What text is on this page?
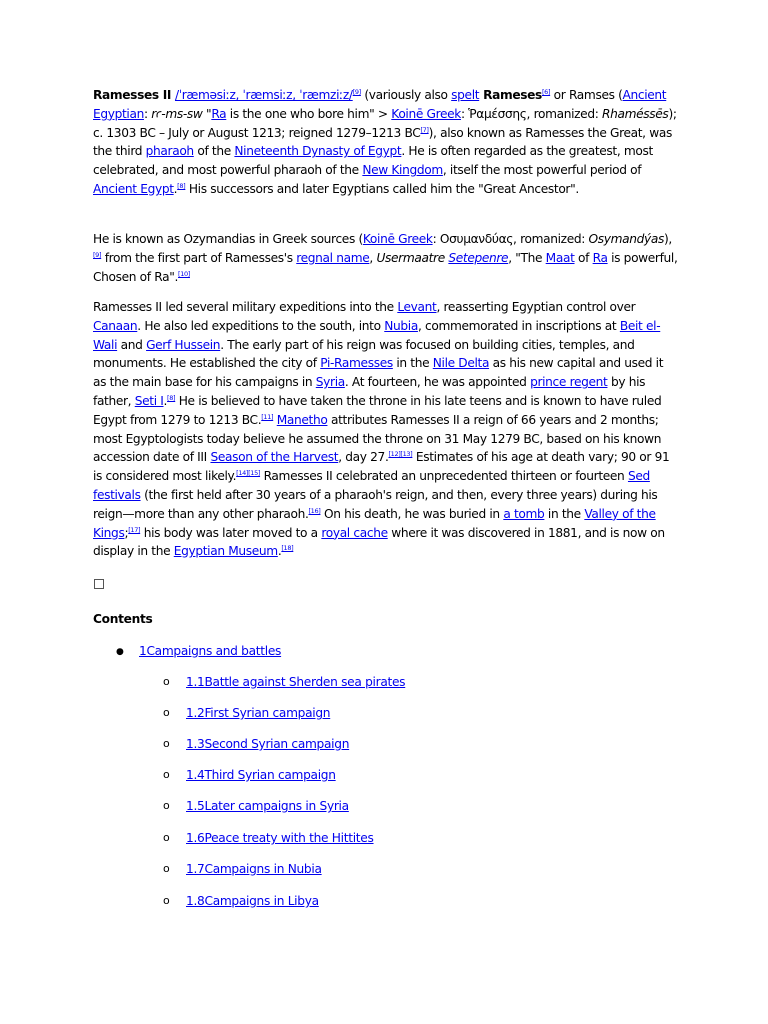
Ramesses II /ˈræməsiːz, ˈræmsiːz, ˈræmziːz/[9] (variously also spelt Rameses[6] or Ramses (Ancient Egyptian: rꜥ-ms-sw "Ra is the one who bore him" > Koinē Greek: Ῥαμέσσης, romanized: Rhaméssēs); c. 1303 BC – July or August 1213; reigned 1279–1213 BC[7]), also known as Ramesses the Great, was the third pharaoh of the Nineteenth Dynasty of Egypt. He is often regarded as the greatest, most celebrated, and most powerful pharaoh of the New Kingdom, itself the most powerful period of Ancient Egypt.[8] His successors and later Egyptians called him the "Great Ancestor".

He is known as Ozymandias in Greek sources (Koinē Greek: Οσυμανδύας, romanized: Osymandýas),[9] from the first part of Ramesses's regnal name, Usermaatre Setepenre, "The Maat of Ra is powerful, Chosen of Ra".[10]

Ramesses II led several military expeditions into the Levant, reasserting Egyptian control over Canaan. He also led expeditions to the south, into Nubia, commemorated in inscriptions at Beit el-Wali and Gerf Hussein. The early part of his reign was focused on building cities, temples, and monuments. He established the city of Pi-Ramesses in the Nile Delta as his new capital and used it as the main base for his campaigns in Syria. At fourteen, he was appointed prince regent by his father, Seti I.[8] He is believed to have taken the throne in his late teens and is known to have ruled Egypt from 1279 to 1213 BC.[11] Manetho attributes Ramesses II a reign of 66 years and 2 months; most Egyptologists today believe he assumed the throne on 31 May 1279 BC, based on his known accession date of III Season of the Harvest, day 27.[12][13] Estimates of his age at death vary; 90 or 91 is considered most likely.[14][15] Ramesses II celebrated an unprecedented thirteen or fourteen Sed festivals (the first held after 30 years of a pharaoh's reign, and then, every three years) during his reign—more than any other pharaoh.[16] On his death, he was buried in a tomb in the Valley of the Kings;[17] his body was later moved to a royal cache where it was discovered in 1881, and is now on display in the Egyptian Museum.[18]

Contents
● 1Campaigns and battles
o 1.1Battle against Sherden sea pirates
o 1.2First Syrian campaign
o 1.3Second Syrian campaign
o 1.4Third Syrian campaign
o 1.5Later campaigns in Syria
o 1.6Peace treaty with the Hittites
o 1.7Campaigns in Nubia
o 1.8Campaigns in Libya
